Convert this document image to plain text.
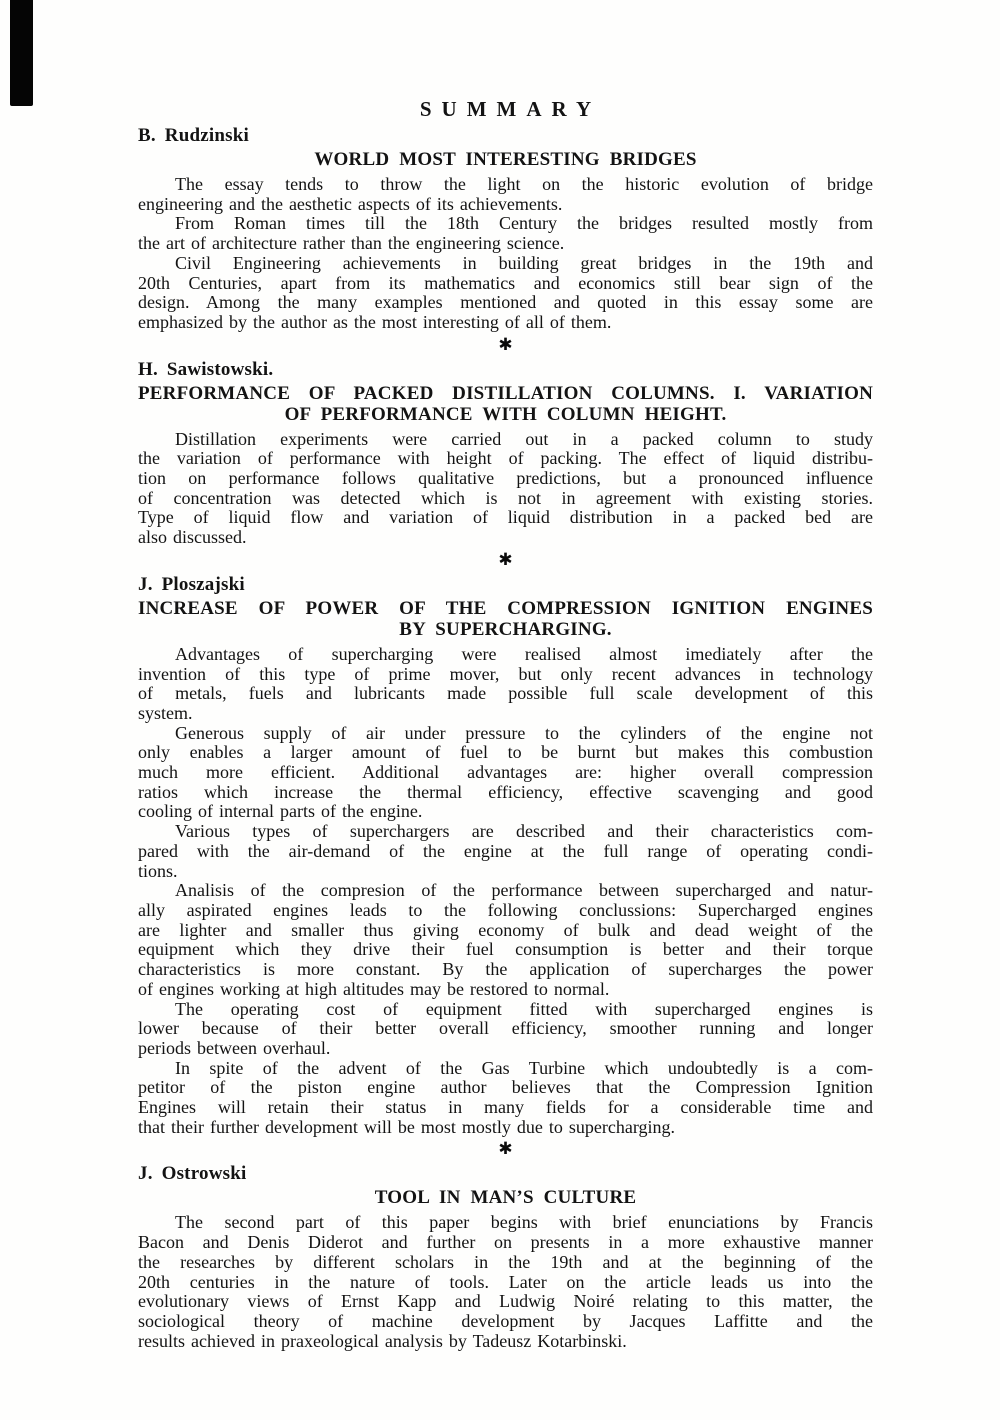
SUMMARY
B. Rudzinski
WORLD MOST INTERESTING BRIDGES
The essay tends to throw the light on the historic evolution of bridge
engineering and the aesthetic aspects of its achievements.
From Roman times till the 18th Century the bridges resulted mostly from
the art of architecture rather than the engineering science.
Civil Engineering achievements in building great bridges in the 19th and
20th Centuries, apart from its mathematics and economics still bear sign of the
design. Among the many examples mentioned and quoted in this essay some are
emphasized by the author as the most interesting of all of them.
✱
H. Sawistowski.
PERFORMANCE OF PACKED DISTILLATION COLUMNS. I. VARIATION
OF PERFORMANCE WITH COLUMN HEIGHT.
Distillation experiments were carried out in a packed column to study
the variation of performance with height of packing. The effect of liquid distribu-
tion on performance follows qualitative predictions, but a pronounced influence
of concentration was detected which is not in agreement with existing stories.
Type of liquid flow and variation of liquid distribution in a packed bed are
also discussed.
✱
J. Ploszajski
INCREASE OF POWER OF THE COMPRESSION IGNITION ENGINES
BY SUPERCHARGING.
Advantages of supercharging were realised almost imediately after the
invention of this type of prime mover, but only recent advances in technology
of metals, fuels and lubricants made possible full scale development of this
system.
Generous supply of air under pressure to the cylinders of the engine not
only enables a larger amount of fuel to be burnt but makes this combustion
much more efficient. Additional advantages are: higher overall compression
ratios which increase the thermal efficiency, effective scavenging and good
cooling of internal parts of the engine.
Various types of superchargers are described and their characteristics com-
pared with the air-demand of the engine at the full range of operating condi-
tions.
Analisis of the compresion of the performance between supercharged and natur-
ally aspirated engines leads to the following conclussions: Supercharged engines
are lighter and smaller thus giving economy of bulk and dead weight of the
equipment which they drive their fuel consumption is better and their torque
characteristics is more constant. By the application of supercharges the power
of engines working at high altitudes may be restored to normal.
The operating cost of equipment fitted with supercharged engines is
lower because of their better overall efficiency, smoother running and longer
periods between overhaul.
In spite of the advent of the Gas Turbine which undoubtedly is a com-
petitor of the piston engine author believes that the Compression Ignition
Engines will retain their status in many fields for a considerable time and
that their further development will be most mostly due to supercharging.
✱
J. Ostrowski
TOOL IN MAN’S CULTURE
The second part of this paper begins with brief enunciations by Francis
Bacon and Denis Diderot and further on presents in a more exhaustive manner
the researches by different scholars in the 19th and at the beginning of the
20th centuries in the nature of tools. Later on the article leads us into the
evolutionary views of Ernst Kapp and Ludwig Noiré relating to this matter, the
sociological theory of machine development by Jacques Laffitte and the
results achieved in praxeological analysis by Tadeusz Kotarbinski.
